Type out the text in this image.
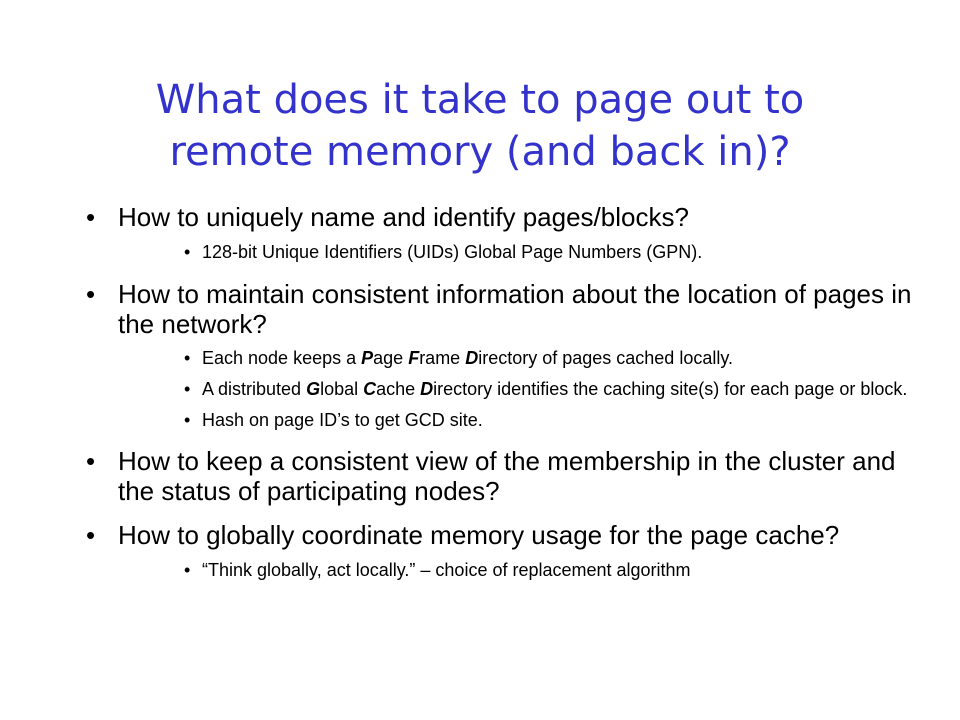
What does it take to page out to
remote memory (and back in)?
• How to uniquely name and identify pages/blocks?
• 128-bit Unique Identifiers (UIDs) Global Page Numbers (GPN).
• How to maintain consistent information about the location of pages in the network?
• Each node keeps a Page Frame Directory of pages cached locally.
• A distributed Global Cache Directory identifies the caching site(s) for each page or block.
• Hash on page ID’s to get GCD site.
• How to keep a consistent view of the membership in the cluster and the status of participating nodes?
• How to globally coordinate memory usage for the page cache?
• “Think globally, act locally.” – choice of replacement algorithm
